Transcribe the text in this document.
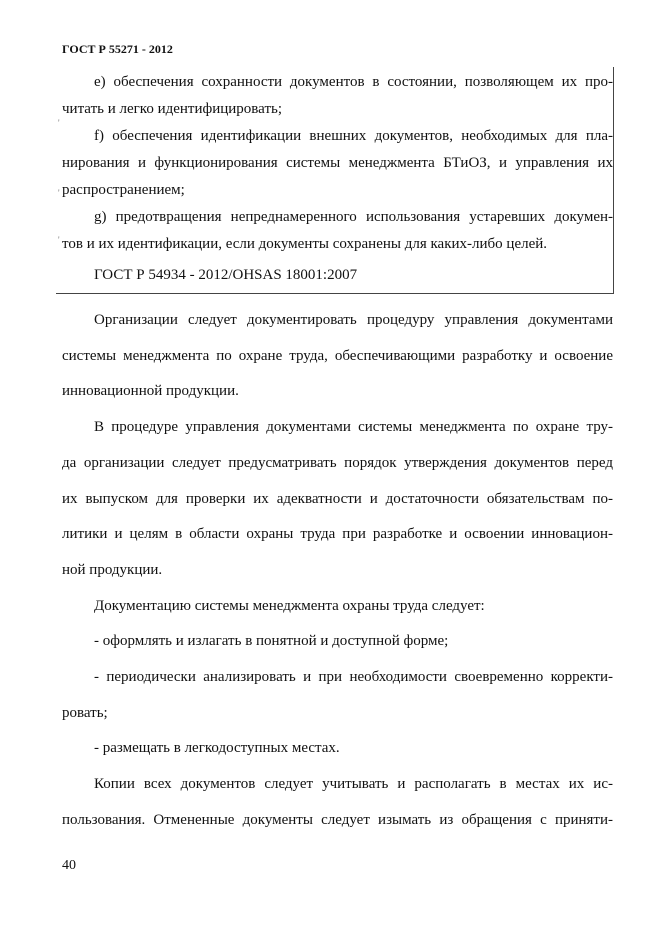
ГОСТ Р 55271 - 2012
'
'
'
е) обеспечения сохранности документов в состоянии, позволяющем их про-
читать и легко идентифицировать;
f) обеспечения идентификации внешних документов, необходимых для пла-
нирования и функционирования системы менеджмента БТиОЗ, и управления их
распространением;
g) предотвращения непреднамеренного использования устаревших докумен-
тов и их идентификации, если документы сохранены для каких-либо целей.
ГОСТ Р 54934 - 2012/OHSAS 18001:2007
Организации следует документировать процедуру управления документами
системы менеджмента по охране труда, обеспечивающими разработку и освоение
инновационной продукции.
В процедуре управления документами системы менеджмента по охране тру-
да организации следует предусматривать порядок утверждения документов перед
их выпуском для проверки их адекватности и достаточности обязательствам по-
литики и целям в области охраны труда при разработке и освоении инновацион-
ной продукции.
Документацию системы менеджмента охраны труда следует:
- оформлять и излагать в понятной и доступной форме;
- периодически анализировать и при необходимости своевременно корректи-
ровать;
- размещать в легкодоступных местах.
Копии всех документов следует учитывать и располагать в местах их ис-
пользования. Отмененные документы следует изымать из обращения с приняти-
40
